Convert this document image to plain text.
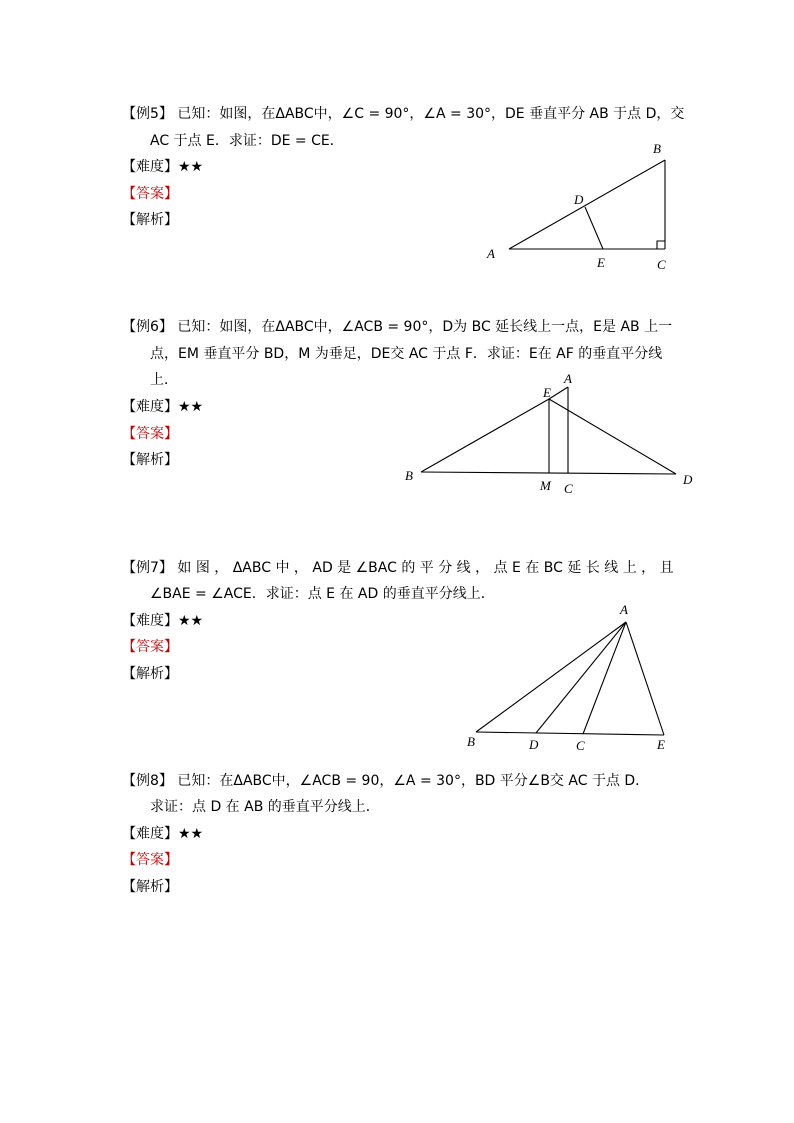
【例5】 已知：如图，在ΔABC中，∠C = 90°，∠A = 30°，DE 垂直平分 AB 于点 D，交
AC 于点 E．求证：DE = CE．
【难度】★★
【答案】
【解析】
B
D
A
E	C
【例6】 已知：如图，在ΔABC中，∠ACB = 90°，D为 BC 延长线上一点，E是 AB 上一
点，EM 垂直平分 BD，M 为垂足，DE交 AC 于点 F．求证：E在 AF 的垂直平分线
上．
【难度】★★
【答案】
【解析】
E
A
B
M C
D
【例7】 如 图 ， ΔABC 中 ， AD 是 ∠BAC 的 平 分 线 ， 点 E 在 BC 延 长 线 上 ， 且
∠BAE = ∠ACE．求证：点 E 在 AD 的垂直平分线上．
【难度】★★
【答案】
【解析】
A
B	D	C	E
【例8】 已知：在ΔABC中，∠ACB = 90，∠A = 30°，BD 平分∠B交 AC 于点 D．
求证：点 D 在 AB 的垂直平分线上．
【难度】★★
【答案】
【解析】
